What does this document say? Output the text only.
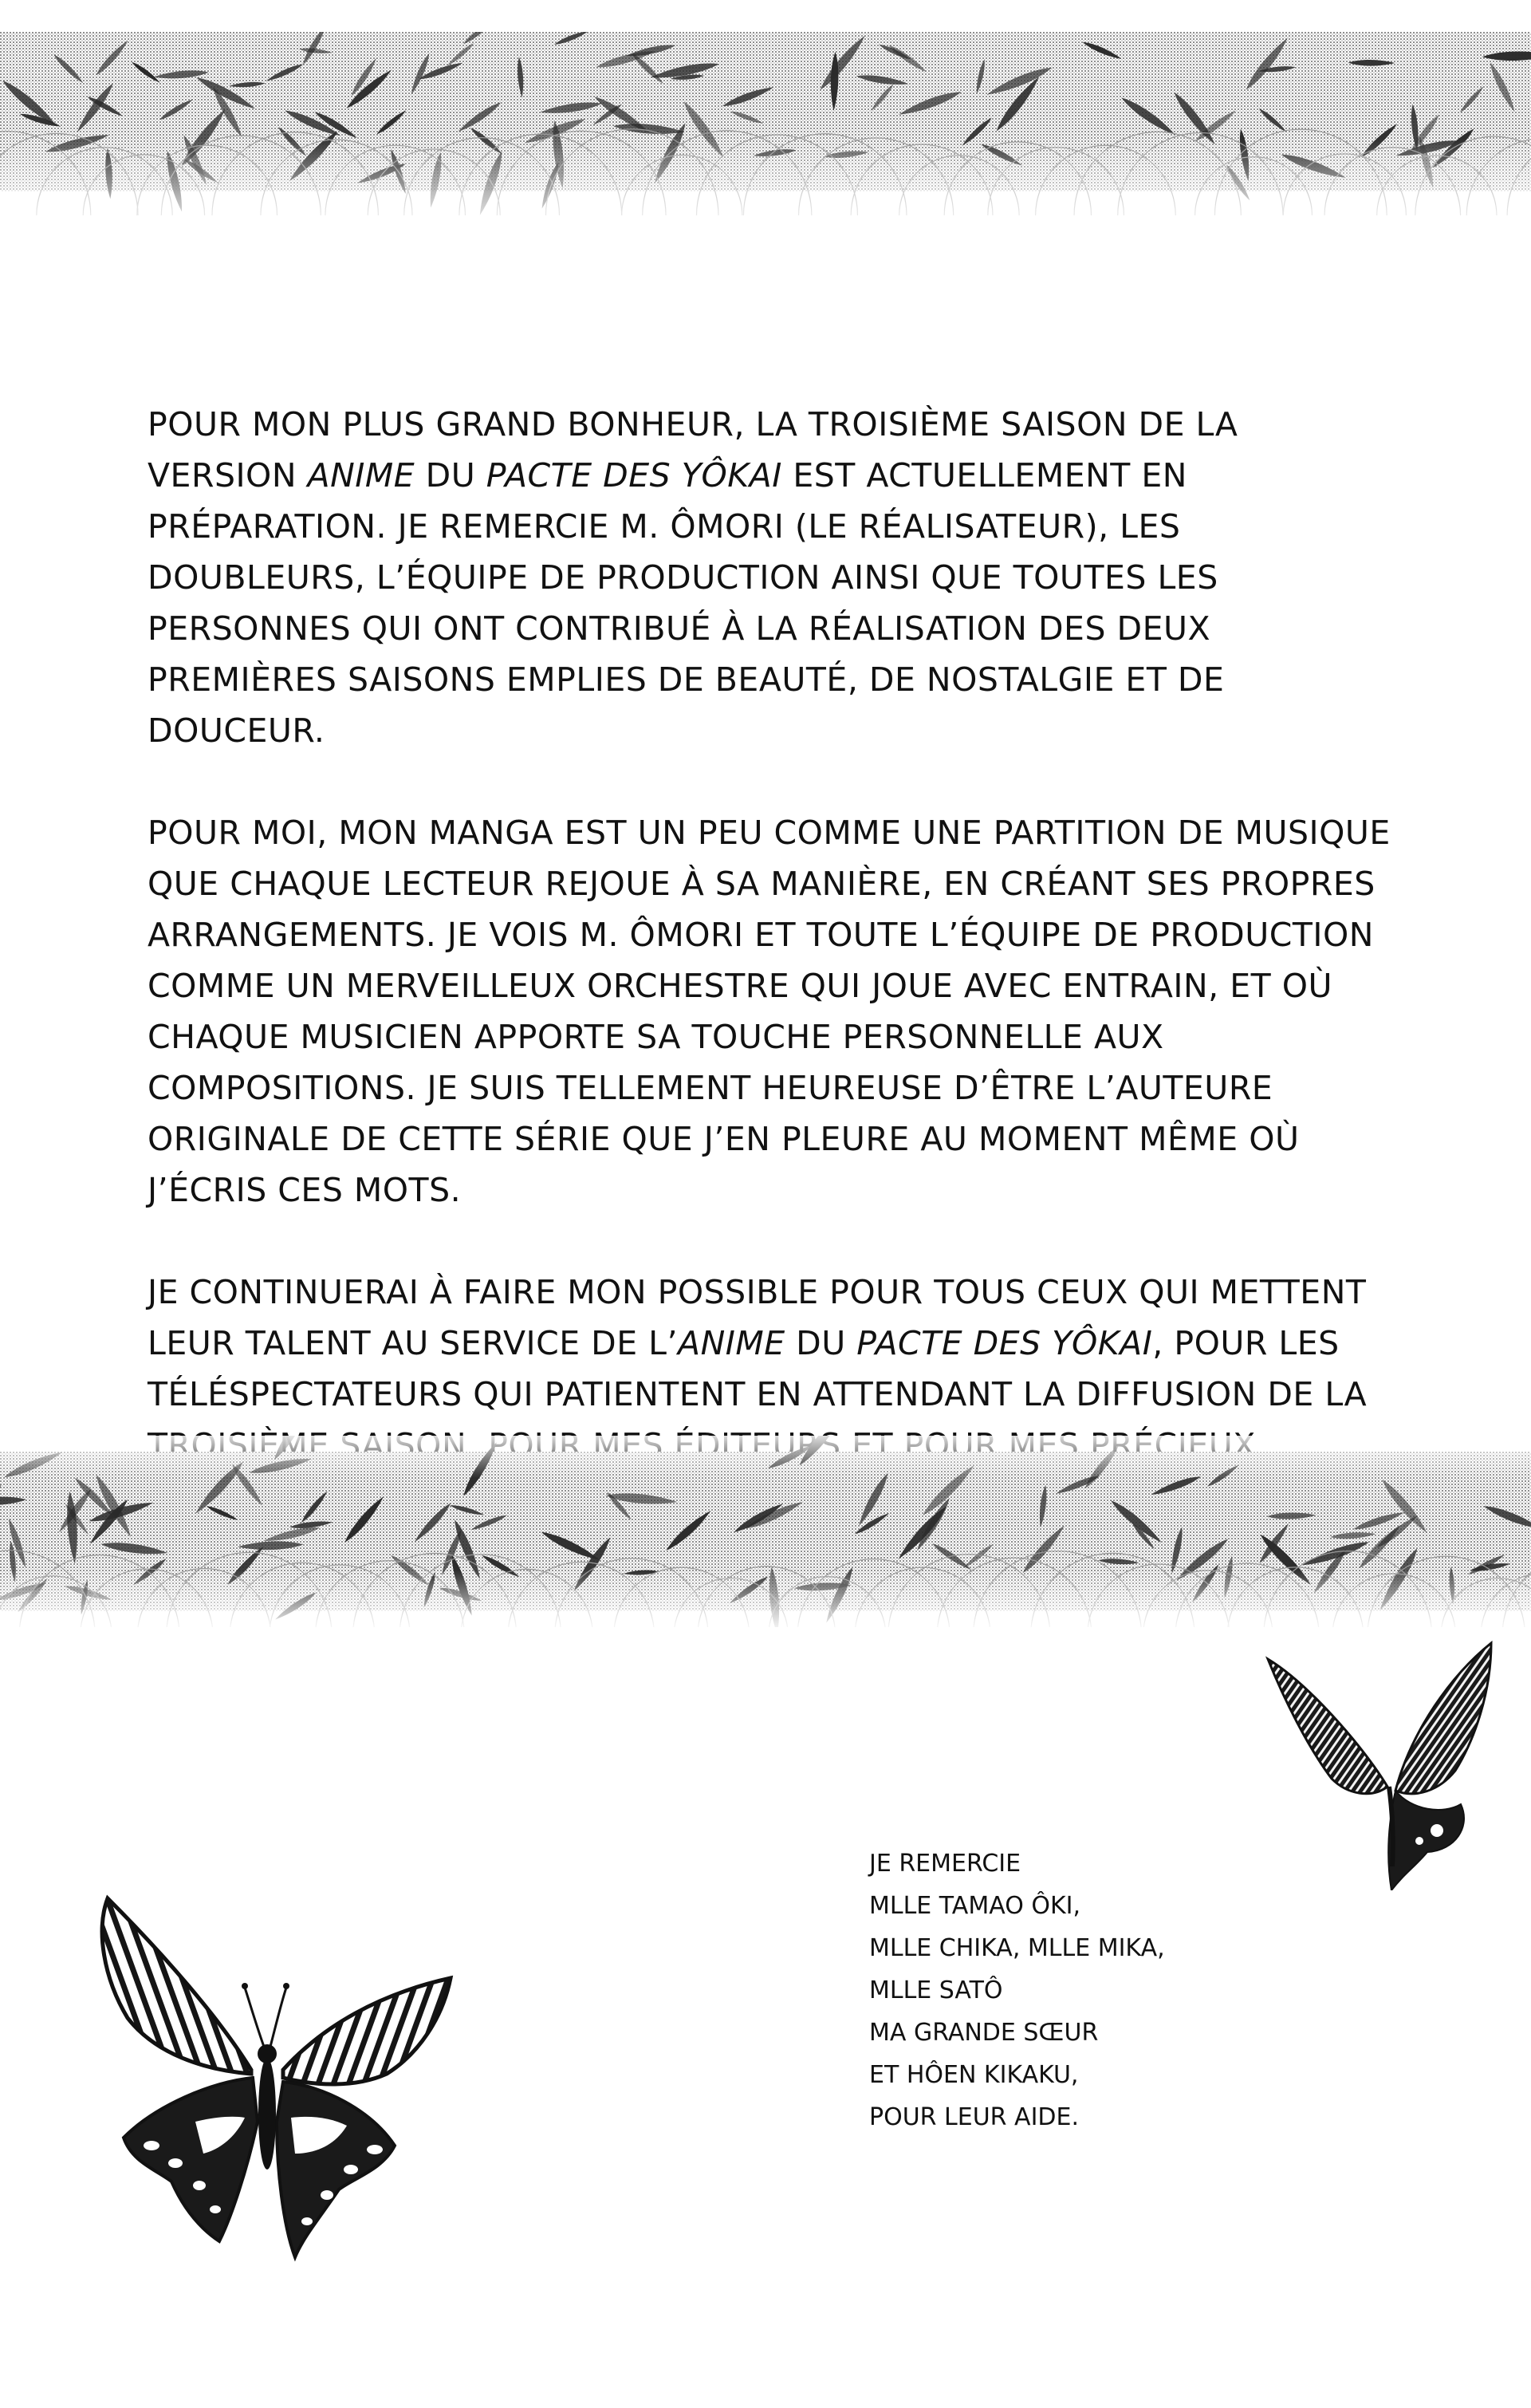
POUR MON PLUS GRAND BONHEUR, LA TROISIÈME SAISON DE LA VERSION ANIME DU PACTE DES YÔKAI EST ACTUELLEMENT EN PRÉPARATION. JE REMERCIE M. ÔMORI (LE RÉALISATEUR), LES DOUBLEURS, L’ÉQUIPE DE PRODUCTION AINSI QUE TOUTES LES PERSONNES QUI ONT CONTRIBUÉ À LA RÉALISATION DES DEUX PREMIÈRES SAISONS EMPLIES DE BEAUTÉ, DE NOSTALGIE ET DE DOUCEUR.

POUR MOI, MON MANGA EST UN PEU COMME UNE PARTITION DE MUSIQUE QUE CHAQUE LECTEUR REJOUE À SA MANIÈRE, EN CRÉANT SES PROPRES ARRANGEMENTS. JE VOIS M. ÔMORI ET TOUTE L’ÉQUIPE DE PRODUCTION COMME UN MERVEILLEUX ORCHESTRE QUI JOUE AVEC ENTRAIN, ET OÙ CHAQUE MUSICIEN APPORTE SA TOUCHE PERSONNELLE AUX COMPOSITIONS. JE SUIS TELLEMENT HEUREUSE D’ÊTRE L’AUTEURE ORIGINALE DE CETTE SÉRIE QUE J’EN PLEURE AU MOMENT MÊME OÙ J’ÉCRIS CES MOTS.

JE CONTINUERAI À FAIRE MON POSSIBLE POUR TOUS CEUX QUI METTENT LEUR TALENT AU SERVICE DE L’ANIME DU PACTE DES YÔKAI, POUR LES TÉLÉSPECTATEURS QUI PATIENTENT EN ATTENDANT LA DIFFUSION DE LA

JE REMERCIE
MLLE TAMAO ÔKI,
MLLE CHIKA, MLLE MIKA,
MLLE SATÔ
MA GRANDE SŒUR
ET HÔEN KIKAKU,
POUR LEUR AIDE.
